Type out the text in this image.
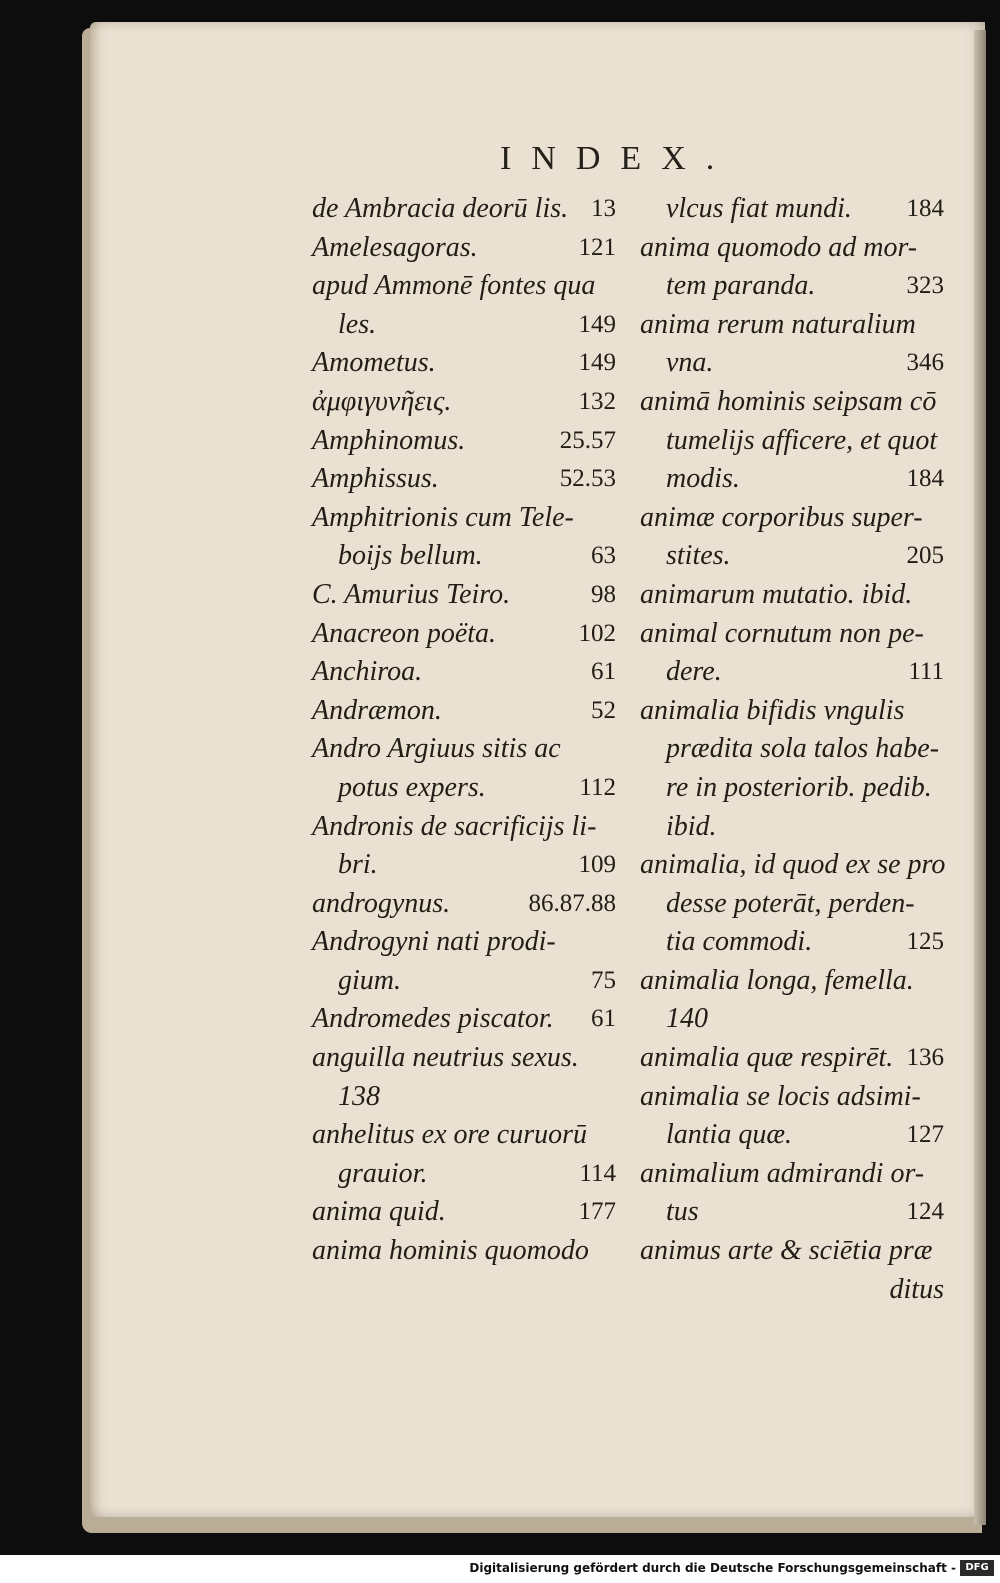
INDEX.
de Ambracia deorū lis. 13
Amelesagoras.	121
apud Ammonē fontes qua
les.	149
Amometus.	149
ἀμφιγυνῆεις.	132
Amphinomus.	25.57
Amphissus.	52.53
Amphitrionis cum Tele-
boijs bellum.	63
C. Amurius Teiro.	98
Anacreon poëta.	102
Anchiroa.	61
Andræmon.	52
Andro Argiuus sitis ac
potus expers.	112
Andronis de sacrificijs li-
bri.	109
androgynus.	86.87.88
Androgyni nati prodi-
gium.	75
Andromedes piscator. 61
anguilla neutrius sexus.
138
anhelitus ex ore curuorū
grauior.	114
anima quid.	177
anima hominis quomodo
vlcus fiat mundi. 184
anima quomodo ad mor-
tem paranda.	323
anima rerum naturalium
vna.	346
animā hominis seipsam cō
tumelijs afficere, et quot
modis.	184
animæ corporibus super-
stites.	205
animarum mutatio. ibid.
animal cornutum non pe-
dere.	111
animalia bifidis vngulis
prædita sola talos habe-
re in posteriorib. pedib.
ibid.
animalia, id quod ex se pro
desse poterāt, perden-
tia commodi.	125
animalia longa, femella.
140
animalia quæ respirēt. 136
animalia se locis adsimi-
lantia quæ.	127
animalium admirandi or-
tus	124
animus arte & sciētia præ
ditus
Digitalisierung gefördert durch die Deutsche Forschungsgemeinschaft - DFG
